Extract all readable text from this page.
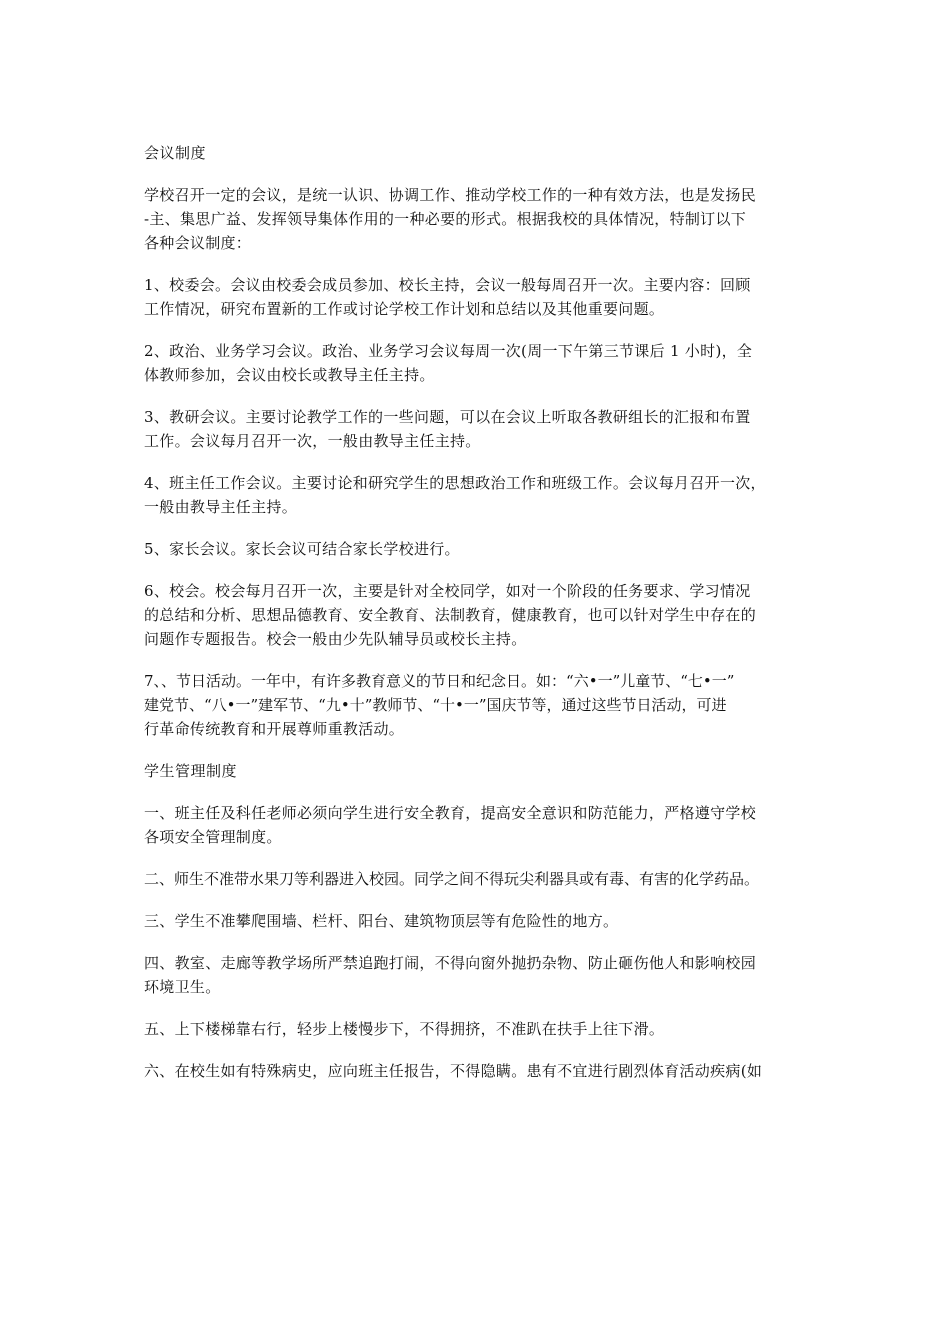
会议制度
学校召开一定的会议，是统一认识、协调工作、推动学校工作的一种有效方法，也是发扬民
-主、集思广益、发挥领导集体作用的一种必要的形式。根据我校的具体情况，特制订以下
各种会议制度：
1、校委会。会议由校委会成员参加、校长主持，会议一般每周召开一次。主要内容：回顾
工作情况，研究布置新的工作或讨论学校工作计划和总结以及其他重要问题。
2、政治、业务学习会议。政治、业务学习会议每周一次(周一下午第三节课后 1 小时)，全
体教师参加，会议由校长或教导主任主持。
3、教研会议。主要讨论教学工作的一些问题，可以在会议上听取各教研组长的汇报和布置
工作。会议每月召开一次，一般由教导主任主持。
4、班主任工作会议。主要讨论和研究学生的思想政治工作和班级工作。会议每月召开一次，
一般由教导主任主持。
5、家长会议。家长会议可结合家长学校进行。
6、校会。校会每月召开一次，主要是针对全校同学，如对一个阶段的任务要求、学习情况
的总结和分析、思想品德教育、安全教育、法制教育，健康教育，也可以针对学生中存在的
问题作专题报告。校会一般由少先队辅导员或校长主持。
7、、节日活动。一年中，有许多教育意义的节日和纪念日。如：“六•一”儿童节、“七•一”
建党节、“八•一”建军节、“九•十”教师节、“十•一”国庆节等，通过这些节日活动，可进
行革命传统教育和开展尊师重教活动。
学生管理制度
一、班主任及科任老师必须向学生进行安全教育，提高安全意识和防范能力，严格遵守学校
各项安全管理制度。
二、师生不准带水果刀等利器进入校园。同学之间不得玩尖利器具或有毒、有害的化学药品。
三、学生不准攀爬围墙、栏杆、阳台、建筑物顶层等有危险性的地方。
四、教室、走廊等教学场所严禁追跑打闹，不得向窗外抛扔杂物、防止砸伤他人和影响校园
环境卫生。
五、上下楼梯靠右行，轻步上楼慢步下，不得拥挤，不准趴在扶手上往下滑。
六、在校生如有特殊病史，应向班主任报告，不得隐瞒。患有不宜进行剧烈体育活动疾病(如
